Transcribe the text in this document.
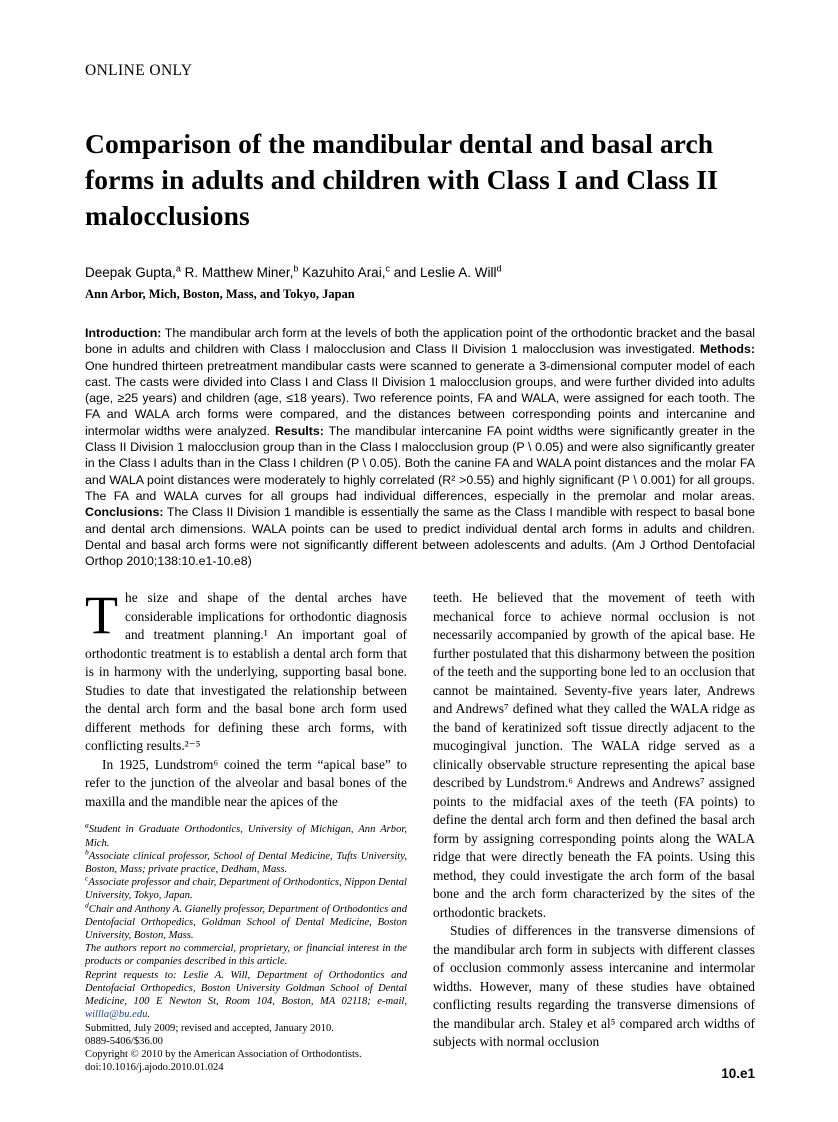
ONLINE ONLY
Comparison of the mandibular dental and basal arch forms in adults and children with Class I and Class II malocclusions
Deepak Gupta,$^a$ R. Matthew Miner,$^b$ Kazuhito Arai,$^c$ and Leslie A. Will$^d$
Ann Arbor, Mich, Boston, Mass, and Tokyo, Japan

Introduction: The mandibular arch form at the levels of both the application point of the orthodontic bracket and the basal bone in adults and children with Class I malocclusion and Class II Division 1 malocclusion was investigated. Methods: One hundred thirteen pretreatment mandibular casts were scanned to generate a 3-dimensional computer model of each cast. The casts were divided into Class I and Class II Division 1 malocclusion groups, and were further divided into adults (age, ≥25 years) and children (age, ≤18 years). Two reference points, FA and WALA, were assigned for each tooth. The FA and WALA arch forms were compared, and the distances between corresponding points and intercanine and intermolar widths were analyzed. Results: The mandibular intercanine FA point widths were significantly greater in the Class II Division 1 malocclusion group than in the Class I malocclusion group (P \ 0.05) and were also significantly greater in the Class I adults than in the Class I children (P \ 0.05). Both the canine FA and WALA point distances and the molar FA and WALA point distances were moderately to highly correlated (R² >0.55) and highly significant (P \ 0.001) for all groups. The FA and WALA curves for all groups had individual differences, especially in the premolar and molar areas. Conclusions: The Class II Division 1 mandible is essentially the same as the Class I mandible with respect to basal bone and dental arch dimensions. WALA points can be used to predict individual dental arch forms in adults and children. Dental and basal arch forms were not significantly different between adolescents and adults. (Am J Orthod Dentofacial Orthop 2010;138:10.e1-10.e8)

The size and shape of the dental arches have considerable implications for orthodontic diagnosis and treatment planning.¹ An important goal of orthodontic treatment is to establish a dental arch form that is in harmony with the underlying, supporting basal bone. Studies to date that investigated the relationship between the dental arch form and the basal bone arch form used different methods for defining these arch forms, with conflicting results.²⁻⁵

In 1925, Lundstrom⁶ coined the term “apical base” to refer to the junction of the alveolar and basal bones of the maxilla and the mandible near the apices of the

$^a$Student in Graduate Orthodontics, University of Michigan, Ann Arbor, Mich.

$^b$Associate clinical professor, School of Dental Medicine, Tufts University, Boston, Mass; private practice, Dedham, Mass.

$^c$Associate professor and chair, Department of Orthodontics, Nippon Dental University, Tokyo, Japan.

$^d$Chair and Anthony A. Gianelly professor, Department of Orthodontics and Dentofacial Orthopedics, Goldman School of Dental Medicine, Boston University, Boston, Mass.

The authors report no commercial, proprietary, or financial interest in the products or companies described in this article.

Reprint requests to: Leslie A. Will, Department of Orthodontics and Dentofacial Orthopedics, Boston University Goldman School of Dental Medicine, 100 E Newton St, Room 104, Boston, MA 02118; e-mail, willla@bu.edu.

Submitted, July 2009; revised and accepted, January 2010.

0889-5406/$36.00

Copyright © 2010 by the American Association of Orthodontists.

doi:10.1016/j.ajodo.2010.01.024

teeth. He believed that the movement of teeth with mechanical force to achieve normal occlusion is not necessarily accompanied by growth of the apical base. He further postulated that this disharmony between the position of the teeth and the supporting bone led to an occlusion that cannot be maintained. Seventy-five years later, Andrews and Andrews⁷ defined what they called the WALA ridge as the band of keratinized soft tissue directly adjacent to the mucogingival junction. The WALA ridge served as a clinically observable structure representing the apical base described by Lundstrom.⁶ Andrews and Andrews⁷ assigned points to the midfacial axes of the teeth (FA points) to define the dental arch form and then defined the basal arch form by assigning corresponding points along the WALA ridge that were directly beneath the FA points. Using this method, they could investigate the arch form of the basal bone and the arch form characterized by the sites of the orthodontic brackets.

Studies of differences in the transverse dimensions of the mandibular arch form in subjects with different classes of occlusion commonly assess intercanine and intermolar widths. However, many of these studies have obtained conflicting results regarding the transverse dimensions of the mandibular arch. Staley et al⁵ compared arch widths of subjects with normal occlusion

10.e1
